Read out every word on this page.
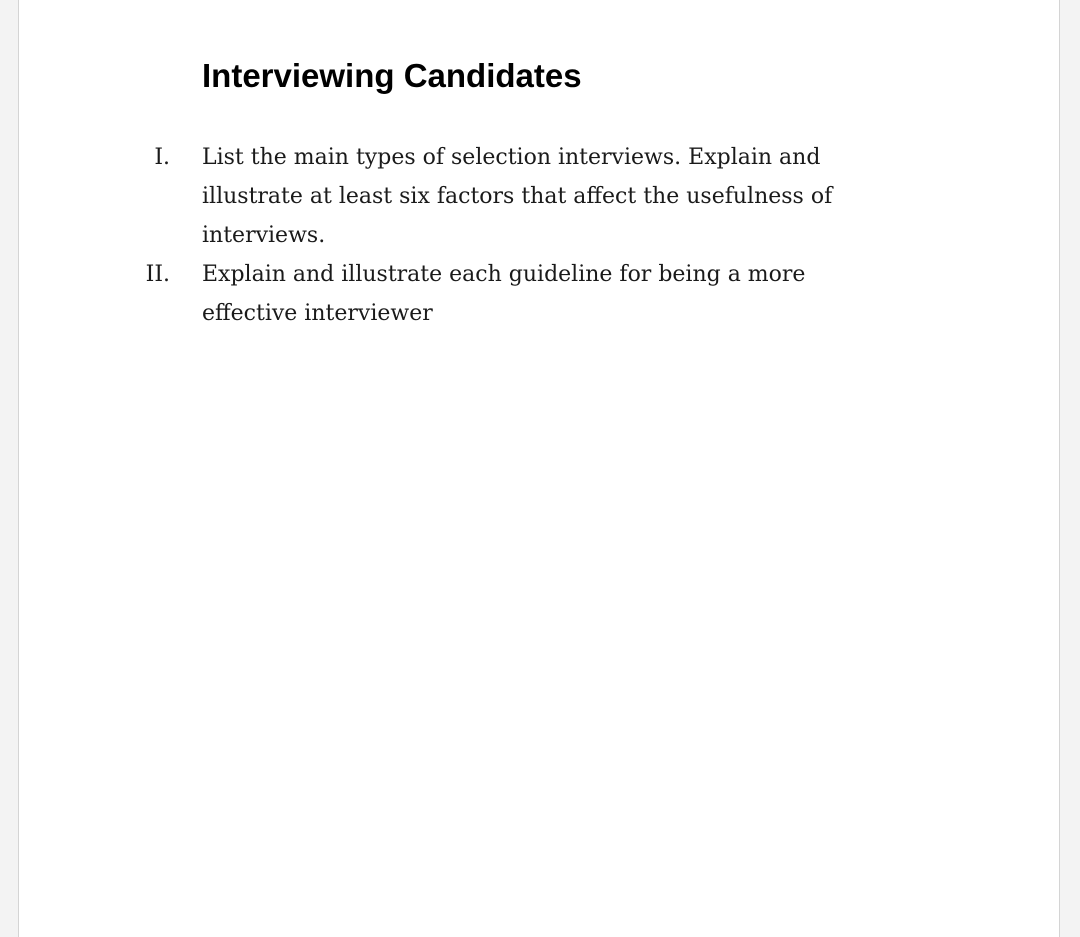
Interviewing Candidates
I.	List the main types of selection interviews. Explain and illustrate at least six factors that affect the usefulness of interviews.
II.	Explain and illustrate each guideline for being a more effective interviewer
